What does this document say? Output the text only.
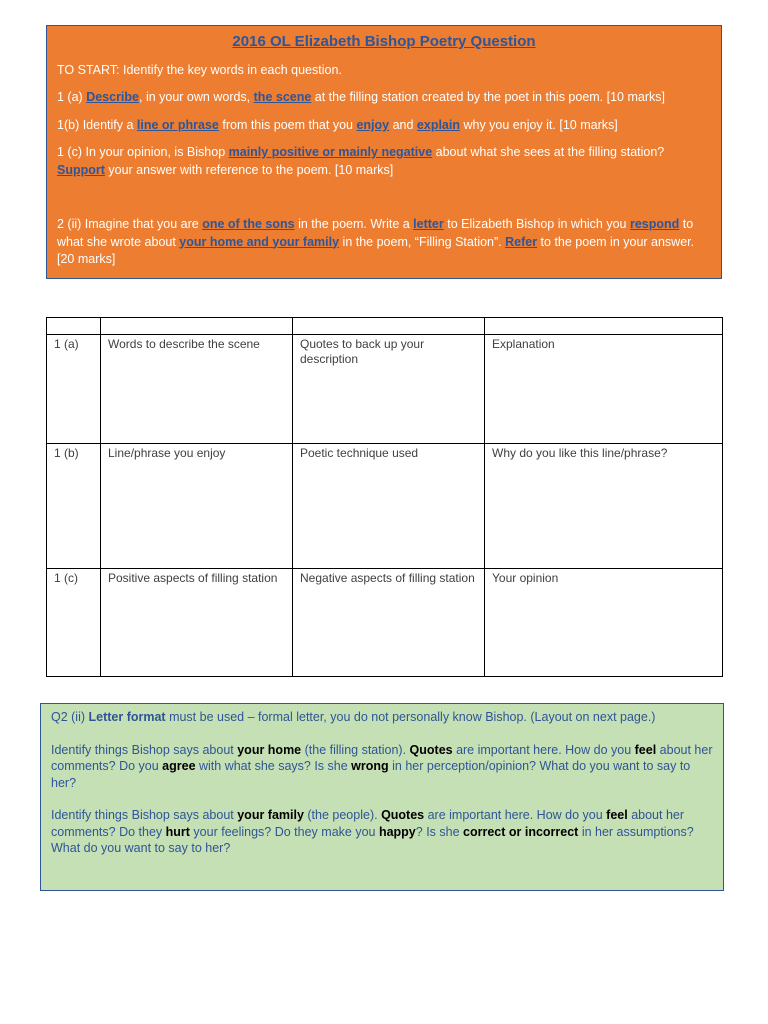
2016 OL Elizabeth Bishop Poetry Question

TO START: Identify the key words in each question.

1 (a) Describe, in your own words, the scene at the filling station created by the poet in this poem. [10 marks]

1(b) Identify a line or phrase from this poem that you enjoy and explain why you enjoy it. [10 marks]

1 (c) In your opinion, is Bishop mainly positive or mainly negative about what she sees at the filling station? Support your answer with reference to the poem. [10 marks]

2 (ii) Imagine that you are one of the sons in the poem. Write a letter to Elizabeth Bishop in which you respond to what she wrote about your home and your family in the poem, “Filling Station”. Refer to the poem in your answer. [20 marks]

1 (a)	Words to describe the scene	Quotes to back up your description	Explanation
1 (b)	Line/phrase you enjoy	Poetic technique used	Why do you like this line/phrase?
1 (c)	Positive aspects of filling station	Negative aspects of filling station	Your opinion

Q2 (ii) Letter format must be used – formal letter, you do not personally know Bishop. (Layout on next page.)

Identify things Bishop says about your home (the filling station). Quotes are important here. How do you feel about her comments? Do you agree with what she says? Is she wrong in her perception/opinion? What do you want to say to her?

Identify things Bishop says about your family (the people). Quotes are important here. How do you feel about her comments? Do they hurt your feelings? Do they make you happy? Is she correct or incorrect in her assumptions? What do you want to say to her?
